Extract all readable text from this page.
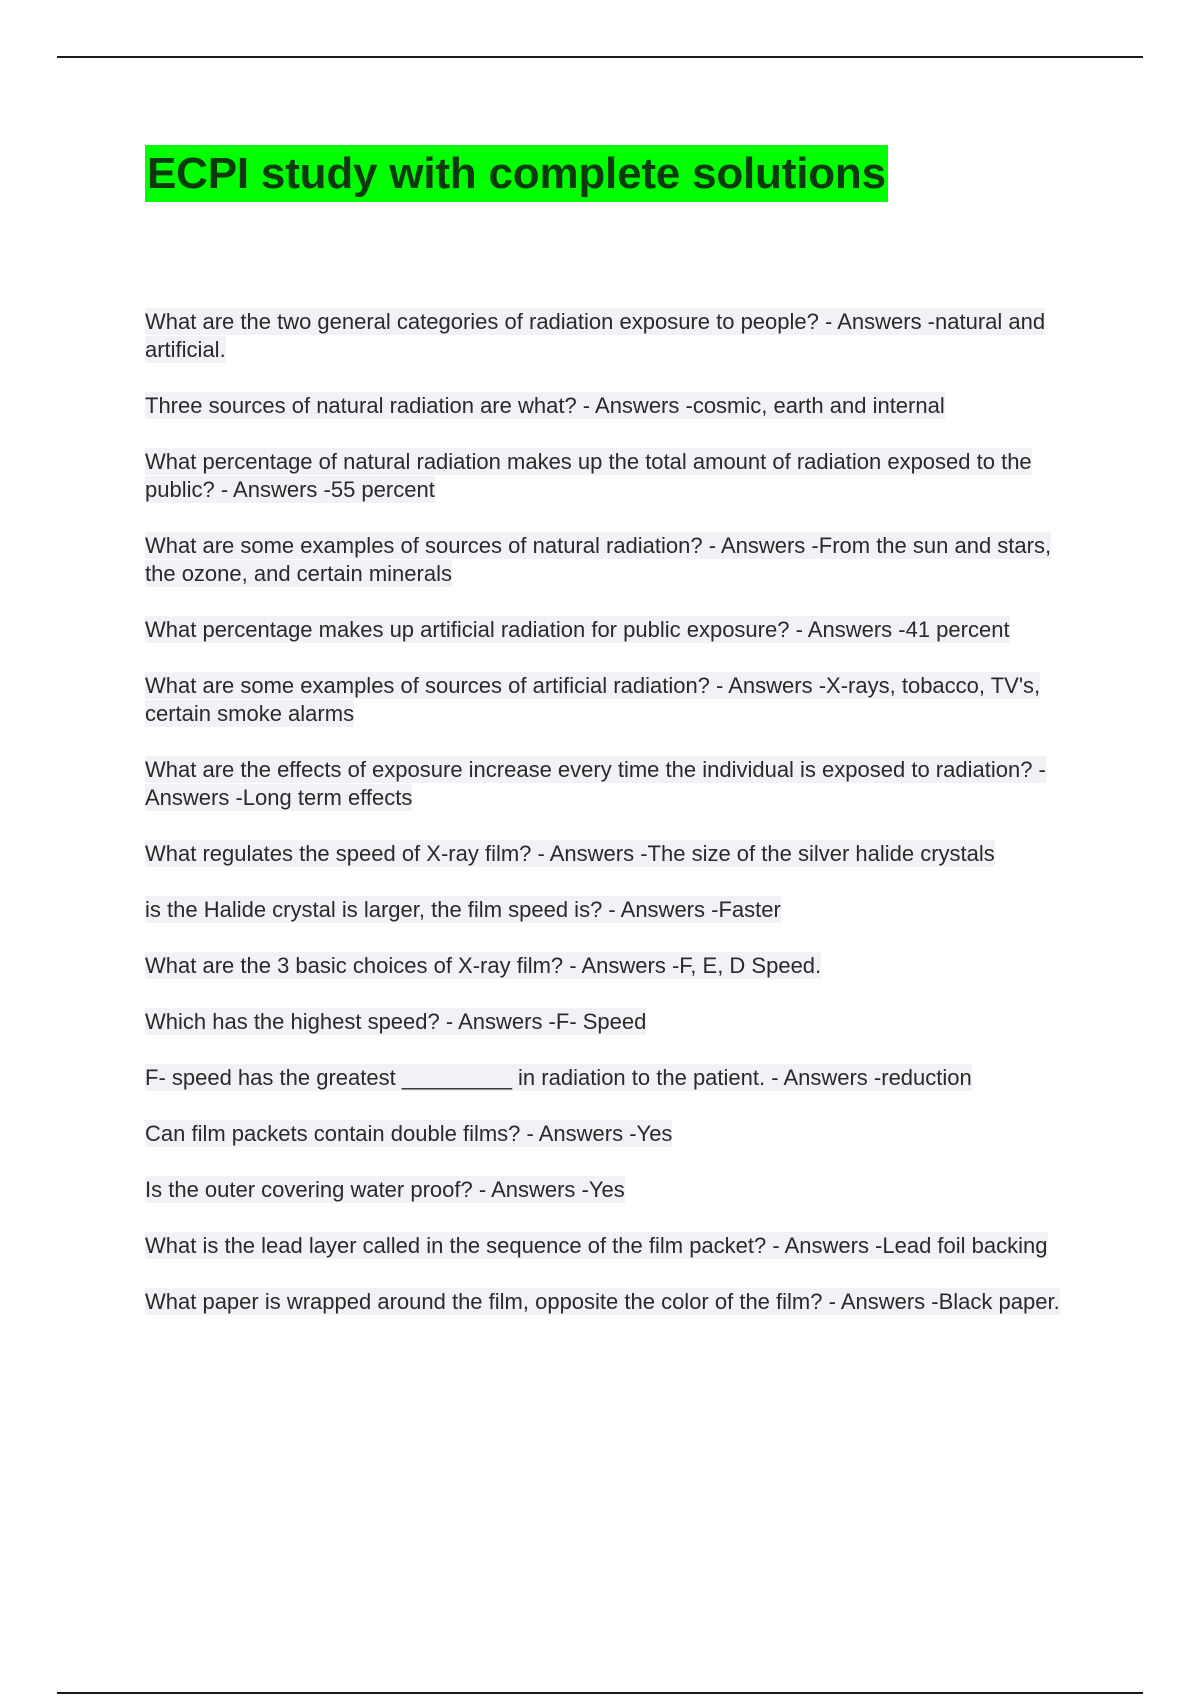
ECPI study with complete solutions

What are the two general categories of radiation exposure to people? - Answers -natural and artificial.

Three sources of natural radiation are what? - Answers -cosmic, earth and internal

What percentage of natural radiation makes up the total amount of radiation exposed to the public? - Answers -55 percent

What are some examples of sources of natural radiation? - Answers -From the sun and stars, the ozone, and certain minerals

What percentage makes up artificial radiation for public exposure? - Answers -41 percent

What are some examples of sources of artificial radiation? - Answers -X-rays, tobacco, TV's, certain smoke alarms

What are the effects of exposure increase every time the individual is exposed to radiation? - Answers -Long term effects

What regulates the speed of X-ray film? - Answers -The size of the silver halide crystals

is the Halide crystal is larger, the film speed is? - Answers -Faster

What are the 3 basic choices of X-ray film? - Answers -F, E, D Speed.

Which has the highest speed? - Answers -F- Speed

F- speed has the greatest _________ in radiation to the patient. - Answers -reduction

Can film packets contain double films? - Answers -Yes

Is the outer covering water proof? - Answers -Yes

What is the lead layer called in the sequence of the film packet? - Answers -Lead foil backing

What paper is wrapped around the film, opposite the color of the film? - Answers -Black paper.
